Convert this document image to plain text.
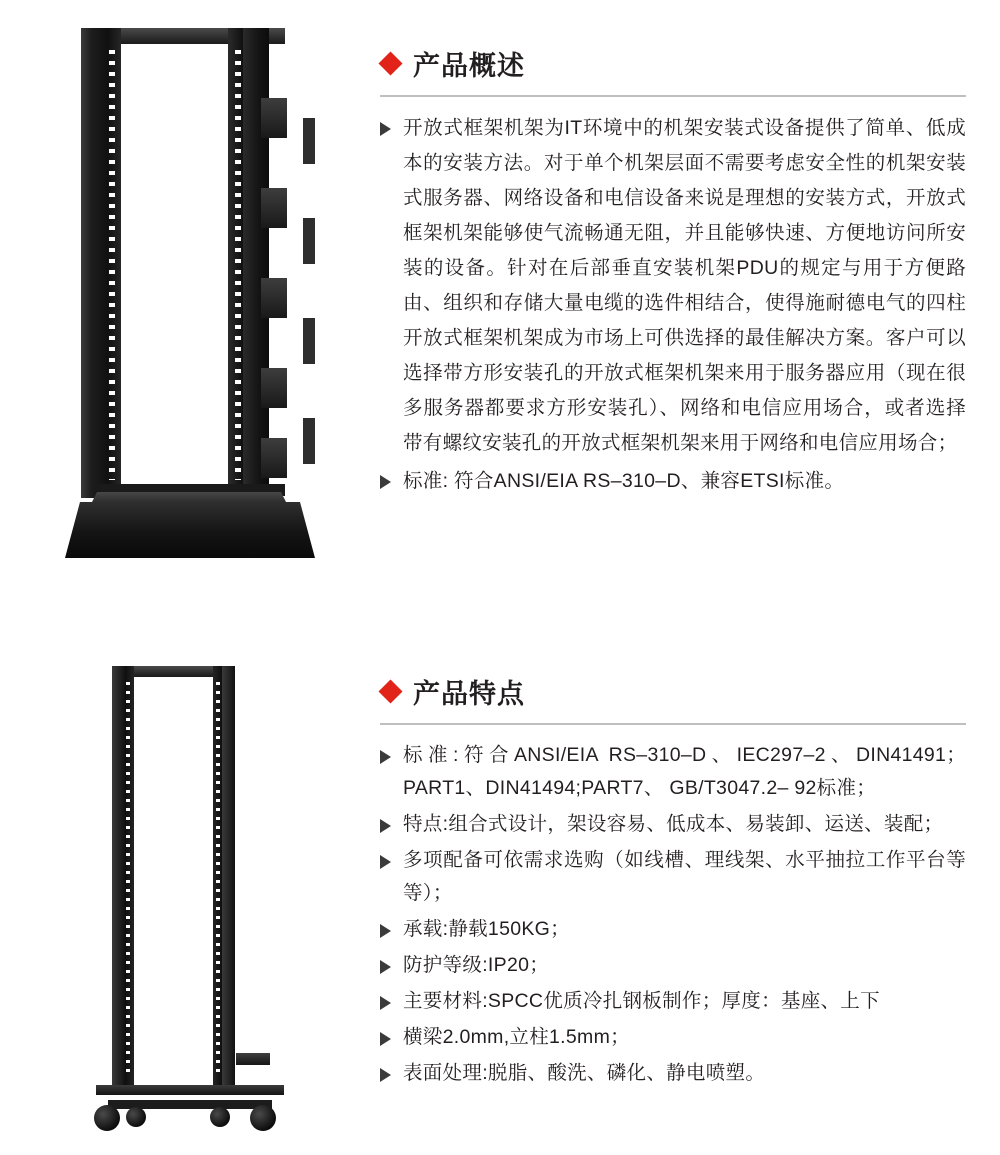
产品概述
开放式框架机架为IT环境中的机架安装式设备提供了简单、低成本的安装方法。对于单个机架层面不需要考虑安全性的机架安装式服务器、网络设备和电信设备来说是理想的安装方式，开放式框架机架能够使气流畅通无阻，并且能够快速、方便地访问所安装的设备。针对在后部垂直安装机架PDU的规定与用于方便路由、组织和存储大量电缆的选件相结合，使得施耐德电气的四柱开放式框架机架成为市场上可供选择的最佳解决方案。客户可以选择带方形安装孔的开放式框架机架来用于服务器应用（现在很多服务器都要求方形安装孔）、网络和电信应用场合，或者选择带有螺纹安装孔的开放式框架机架来用于网络和电信应用场合；
标准: 符合ANSI/EIA RS–310–D、兼容ETSI标准。
产品特点
标准:符合ANSI/EIA RS–310–D、IEC297–2、DIN41491；PART1、DIN41494;PART7、 GB/T3047.2– 92标准；
特点:组合式设计，架设容易、低成本、易装卸、运送、装配；
多项配备可依需求选购（如线槽、理线架、水平抽拉工作平台等等）；
承载:静载150KG；
防护等级:IP20；
主要材料:SPCC优质冷扎钢板制作；厚度：基座、上下
横梁2.0mm,立柱1.5mm；
表面处理:脱脂、酸洗、磷化、静电喷塑。
